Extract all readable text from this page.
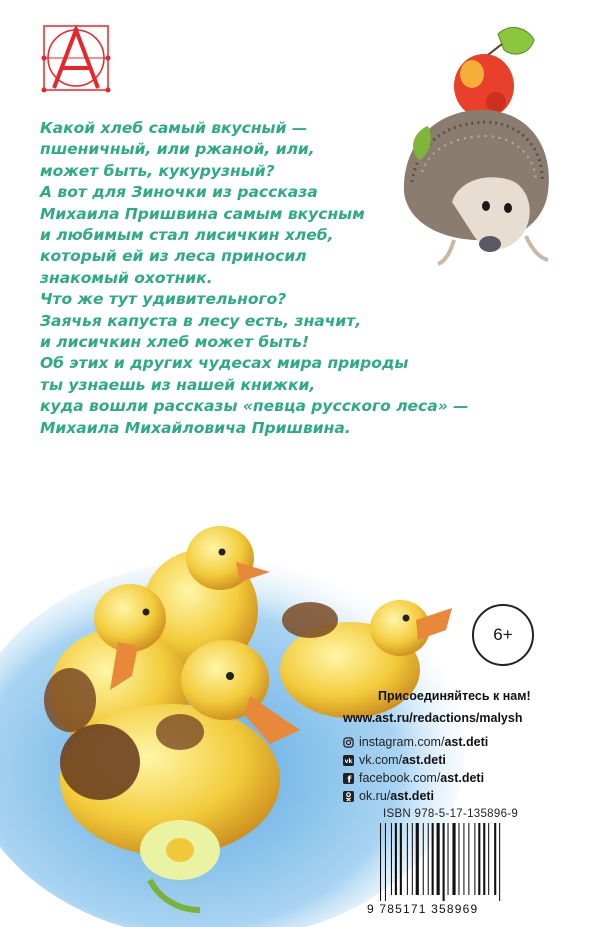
Какой хлеб самый вкусный —
пшеничный, или ржаной, или,
может быть, кукурузный?
А вот для Зиночки из рассказа
Михаила Пришвина самым вкусным
и любимым стал лисичкин хлеб,
который ей из леса приносил
знакомый охотник.
Что же тут удивительного?
Заячья капуста в лесу есть, значит,
и лисичкин хлеб может быть!
Об этих и других чудесах мира природы
ты узнаешь из нашей книжки,
куда вошли рассказы «певца русского леса» —
Михаила Михайловича Пришвина.
6+
Присоединяйтесь к нам!
www.ast.ru/redactions/malysh
instagram.com/ ast.deti
vk vk.com/ ast.deti
f facebook.com/ ast.deti
ok.ru/ ast.deti
ISBN 978-5-17-135896-9
9 785171 358969
